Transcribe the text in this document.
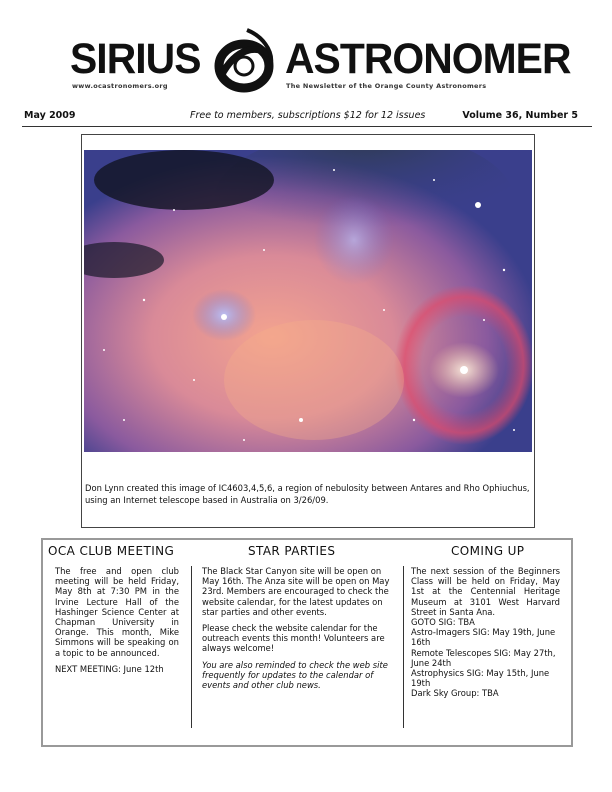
SIRIUS ASTRONOMER
www.ocastronomers.org	The Newsletter of the Orange County Astronomers
May 2009	Free to members, subscriptions $12 for 12 issues	Volume 36, Number 5
Don Lynn created this image of IC4603,4,5,6, a region of nebulosity between Antares and Rho Ophiuchus, using an Internet telescope based in Australia on 3/26/09.
OCA CLUB MEETING

The free and open club meeting will be held Friday, May 8th at 7:30 PM in the Irvine Lecture Hall of the Hashinger Science Center at Chapman University in Orange. This month, Mike Simmons will be speaking on a topic to be announced.

NEXT MEETING: June 12th

STAR PARTIES

The Black Star Canyon site will be open on May 16th. The Anza site will be open on May 23rd. Members are encouraged to check the website calendar, for the latest updates on star parties and other events.

Please check the website calendar for the outreach events this month! Volunteers are always welcome!

You are also reminded to check the web site frequently for updates to the calendar of events and other club news.

COMING UP
The next session of the Beginners Class will be held on Friday, May 1st at the Centennial Heritage Museum at 3101 West Harvard Street in Santa Ana.
GOTO SIG: TBA
Astro-Imagers SIG: May 19th, June 16th
Remote Telescopes SIG: May 27th, June 24th
Astrophysics SIG: May 15th, June 19th
Dark Sky Group: TBA
